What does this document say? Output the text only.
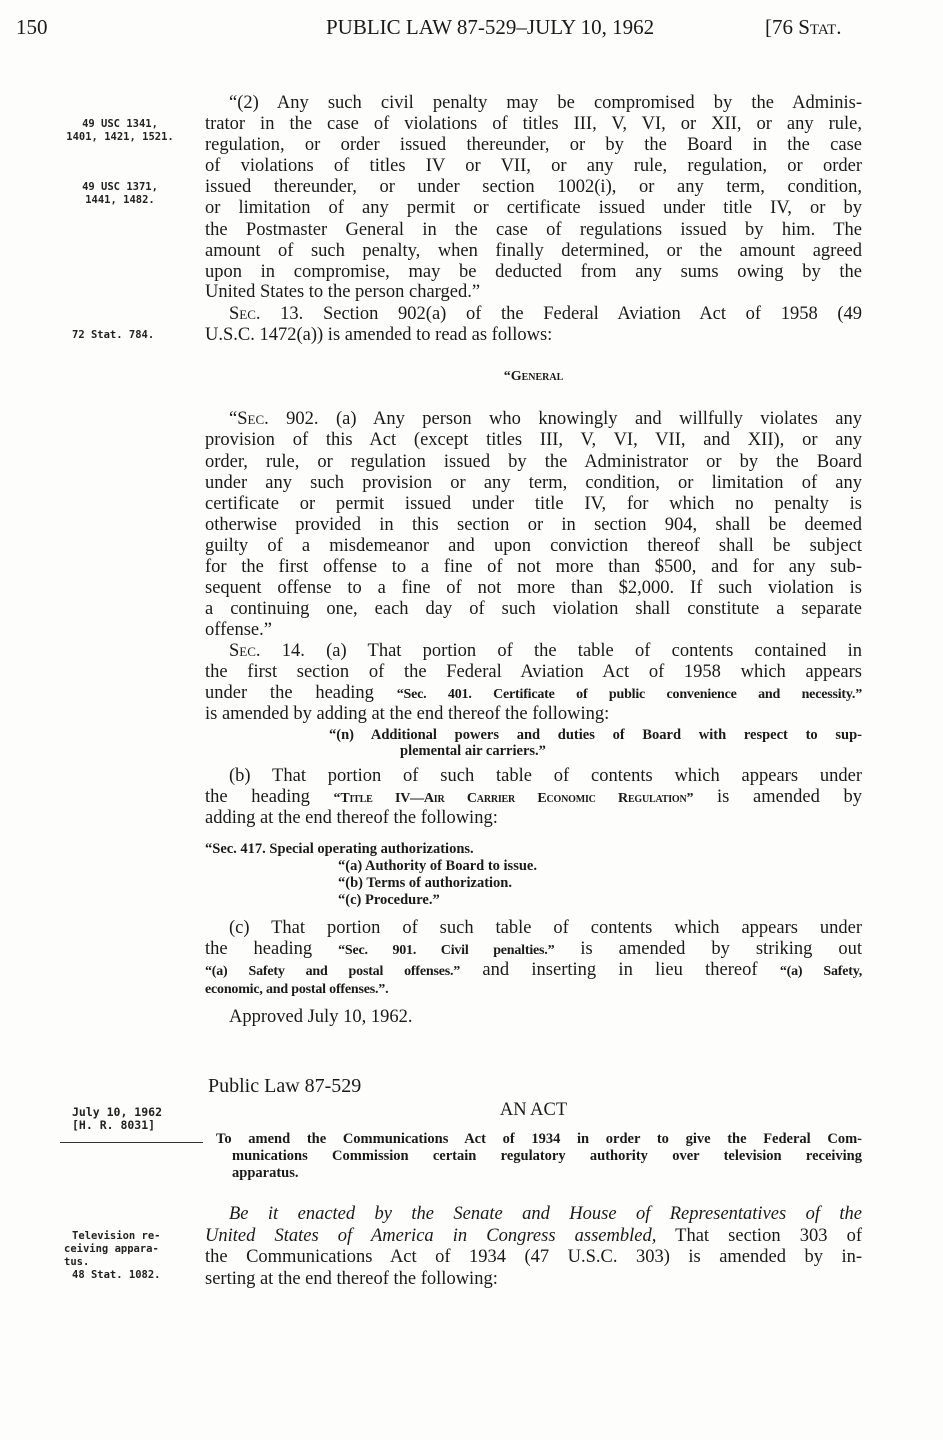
150	PUBLIC LAW 87-529–JULY 10, 1962	[76 Stat.
49 USC 1341,
1401, 1421, 1521.
49 USC 1371,
1441, 1482.
72 Stat. 784.
July 10, 1962
[H. R. 8031]
Television re-
ceiving appara-
tus.
48 Stat. 1082.
“(2) Any such civil penalty may be compromised by the Adminis-
trator in the case of violations of titles III, V, VI, or XII, or any rule,
regulation, or order issued thereunder, or by the Board in the case
of violations of titles IV or VII, or any rule, regulation, or order
issued thereunder, or under section 1002(i), or any term, condition,
or limitation of any permit or certificate issued under title IV, or by
the Postmaster General in the case of regulations issued by him. The
amount of such penalty, when finally determined, or the amount agreed
upon in compromise, may be deducted from any sums owing by the
United States to the person charged.”
Sec. 13. Section 902(a) of the Federal Aviation Act of 1958 (49
U.S.C. 1472(a)) is amended to read as follows:
“General
“Sec. 902. (a) Any person who knowingly and willfully violates any
provision of this Act (except titles III, V, VI, VII, and XII), or any
order, rule, or regulation issued by the Administrator or by the Board
under any such provision or any term, condition, or limitation of any
certificate or permit issued under title IV, for which no penalty is
otherwise provided in this section or in section 904, shall be deemed
guilty of a misdemeanor and upon conviction thereof shall be subject
for the first offense to a fine of not more than $500, and for any sub-
sequent offense to a fine of not more than $2,000. If such violation is
a continuing one, each day of such violation shall constitute a separate
offense.”
Sec. 14. (a) That portion of the table of contents contained in
the first section of the Federal Aviation Act of 1958 which appears
under the heading “Sec. 401. Certificate of public convenience and necessity.”
is amended by adding at the end thereof the following:
“(n) Additional powers and duties of Board with respect to sup-
plemental air carriers.”
(b) That portion of such table of contents which appears under
the heading “Title IV—Air Carrier Economic Regulation” is amended by
adding at the end thereof the following:
“Sec. 417. Special operating authorizations.
“(a) Authority of Board to issue.
“(b) Terms of authorization.
“(c) Procedure.”
(c) That portion of such table of contents which appears under
the heading “Sec. 901. Civil penalties.” is amended by striking out
“(a) Safety and postal offenses.” and inserting in lieu thereof “(a) Safety,
economic, and postal offenses.”.
Approved July 10, 1962.
Public Law 87-529
AN ACT
To amend the Communications Act of 1934 in order to give the Federal Com-
munications Commission certain regulatory authority over television receiving
apparatus.
Be it enacted by the Senate and House of Representatives of the
United States of America in Congress assembled, That section 303 of
the Communications Act of 1934 (47 U.S.C. 303) is amended by in-
serting at the end thereof the following:
